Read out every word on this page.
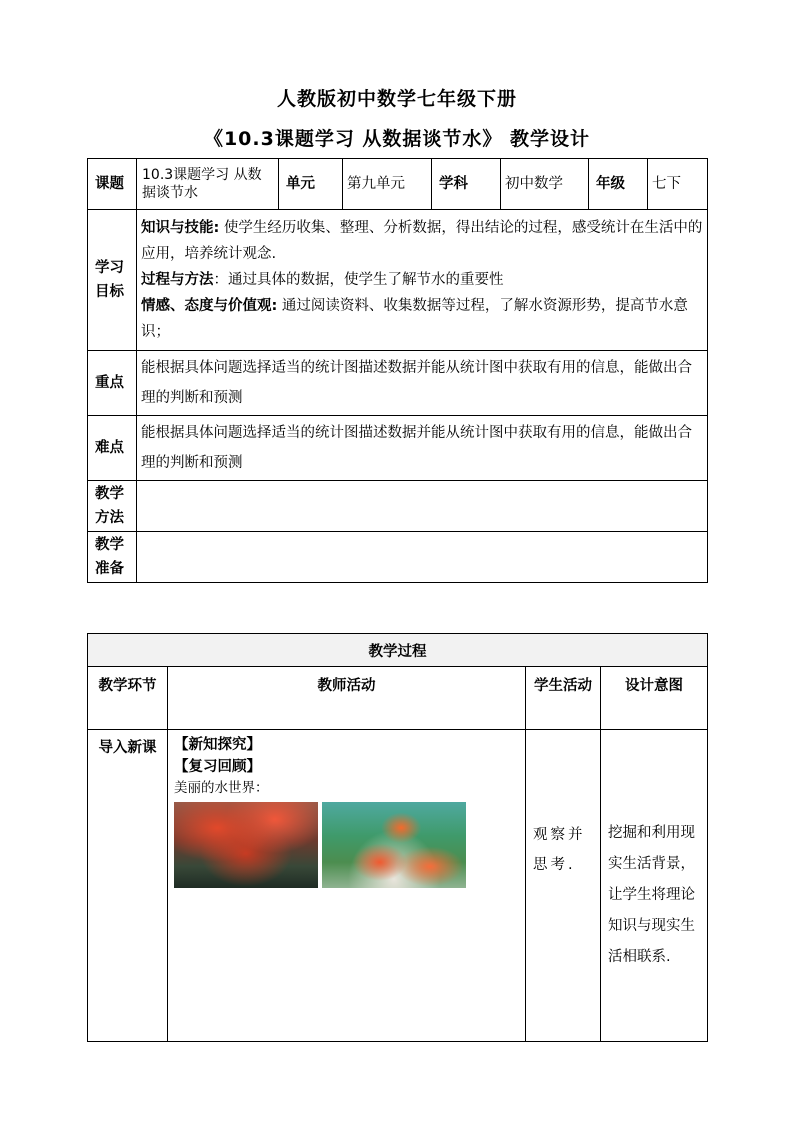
人教版初中数学七年级下册
《10.3课题学习 从数据谈节水》 教学设计
课题	10.3课题学习 从数据谈节水	单元	第九单元	学科	初中数学	年级	七下
学习目标	知识与技能: 使学生经历收集、整理、分析数据，得出结论的过程，感受统计在生活中的应用，培养统计观念.
过程与方法：通过具体的数据，使学生了解节水的重要性
情感、态度与价值观: 通过阅读资料、收集数据等过程，了解水资源形势，提高节水意识；						

重点	能根据具体问题选择适当的统计图描述数据并能从统计图中获取有用的信息，能做出合理的判断和预测						
难点	能根据具体问题选择适当的统计图描述数据并能从统计图中获取有用的信息，能做出合理的判断和预测						
教学方法							
教学准备							
教学过程			
教学环节	教师活动	学生活动	设计意图
导入新课	【新知探究】
【复习回顾】
美丽的水世界：	观察并思考.	挖掘和利用现实生活背景，让学生将理论知识与现实生活相联系.
